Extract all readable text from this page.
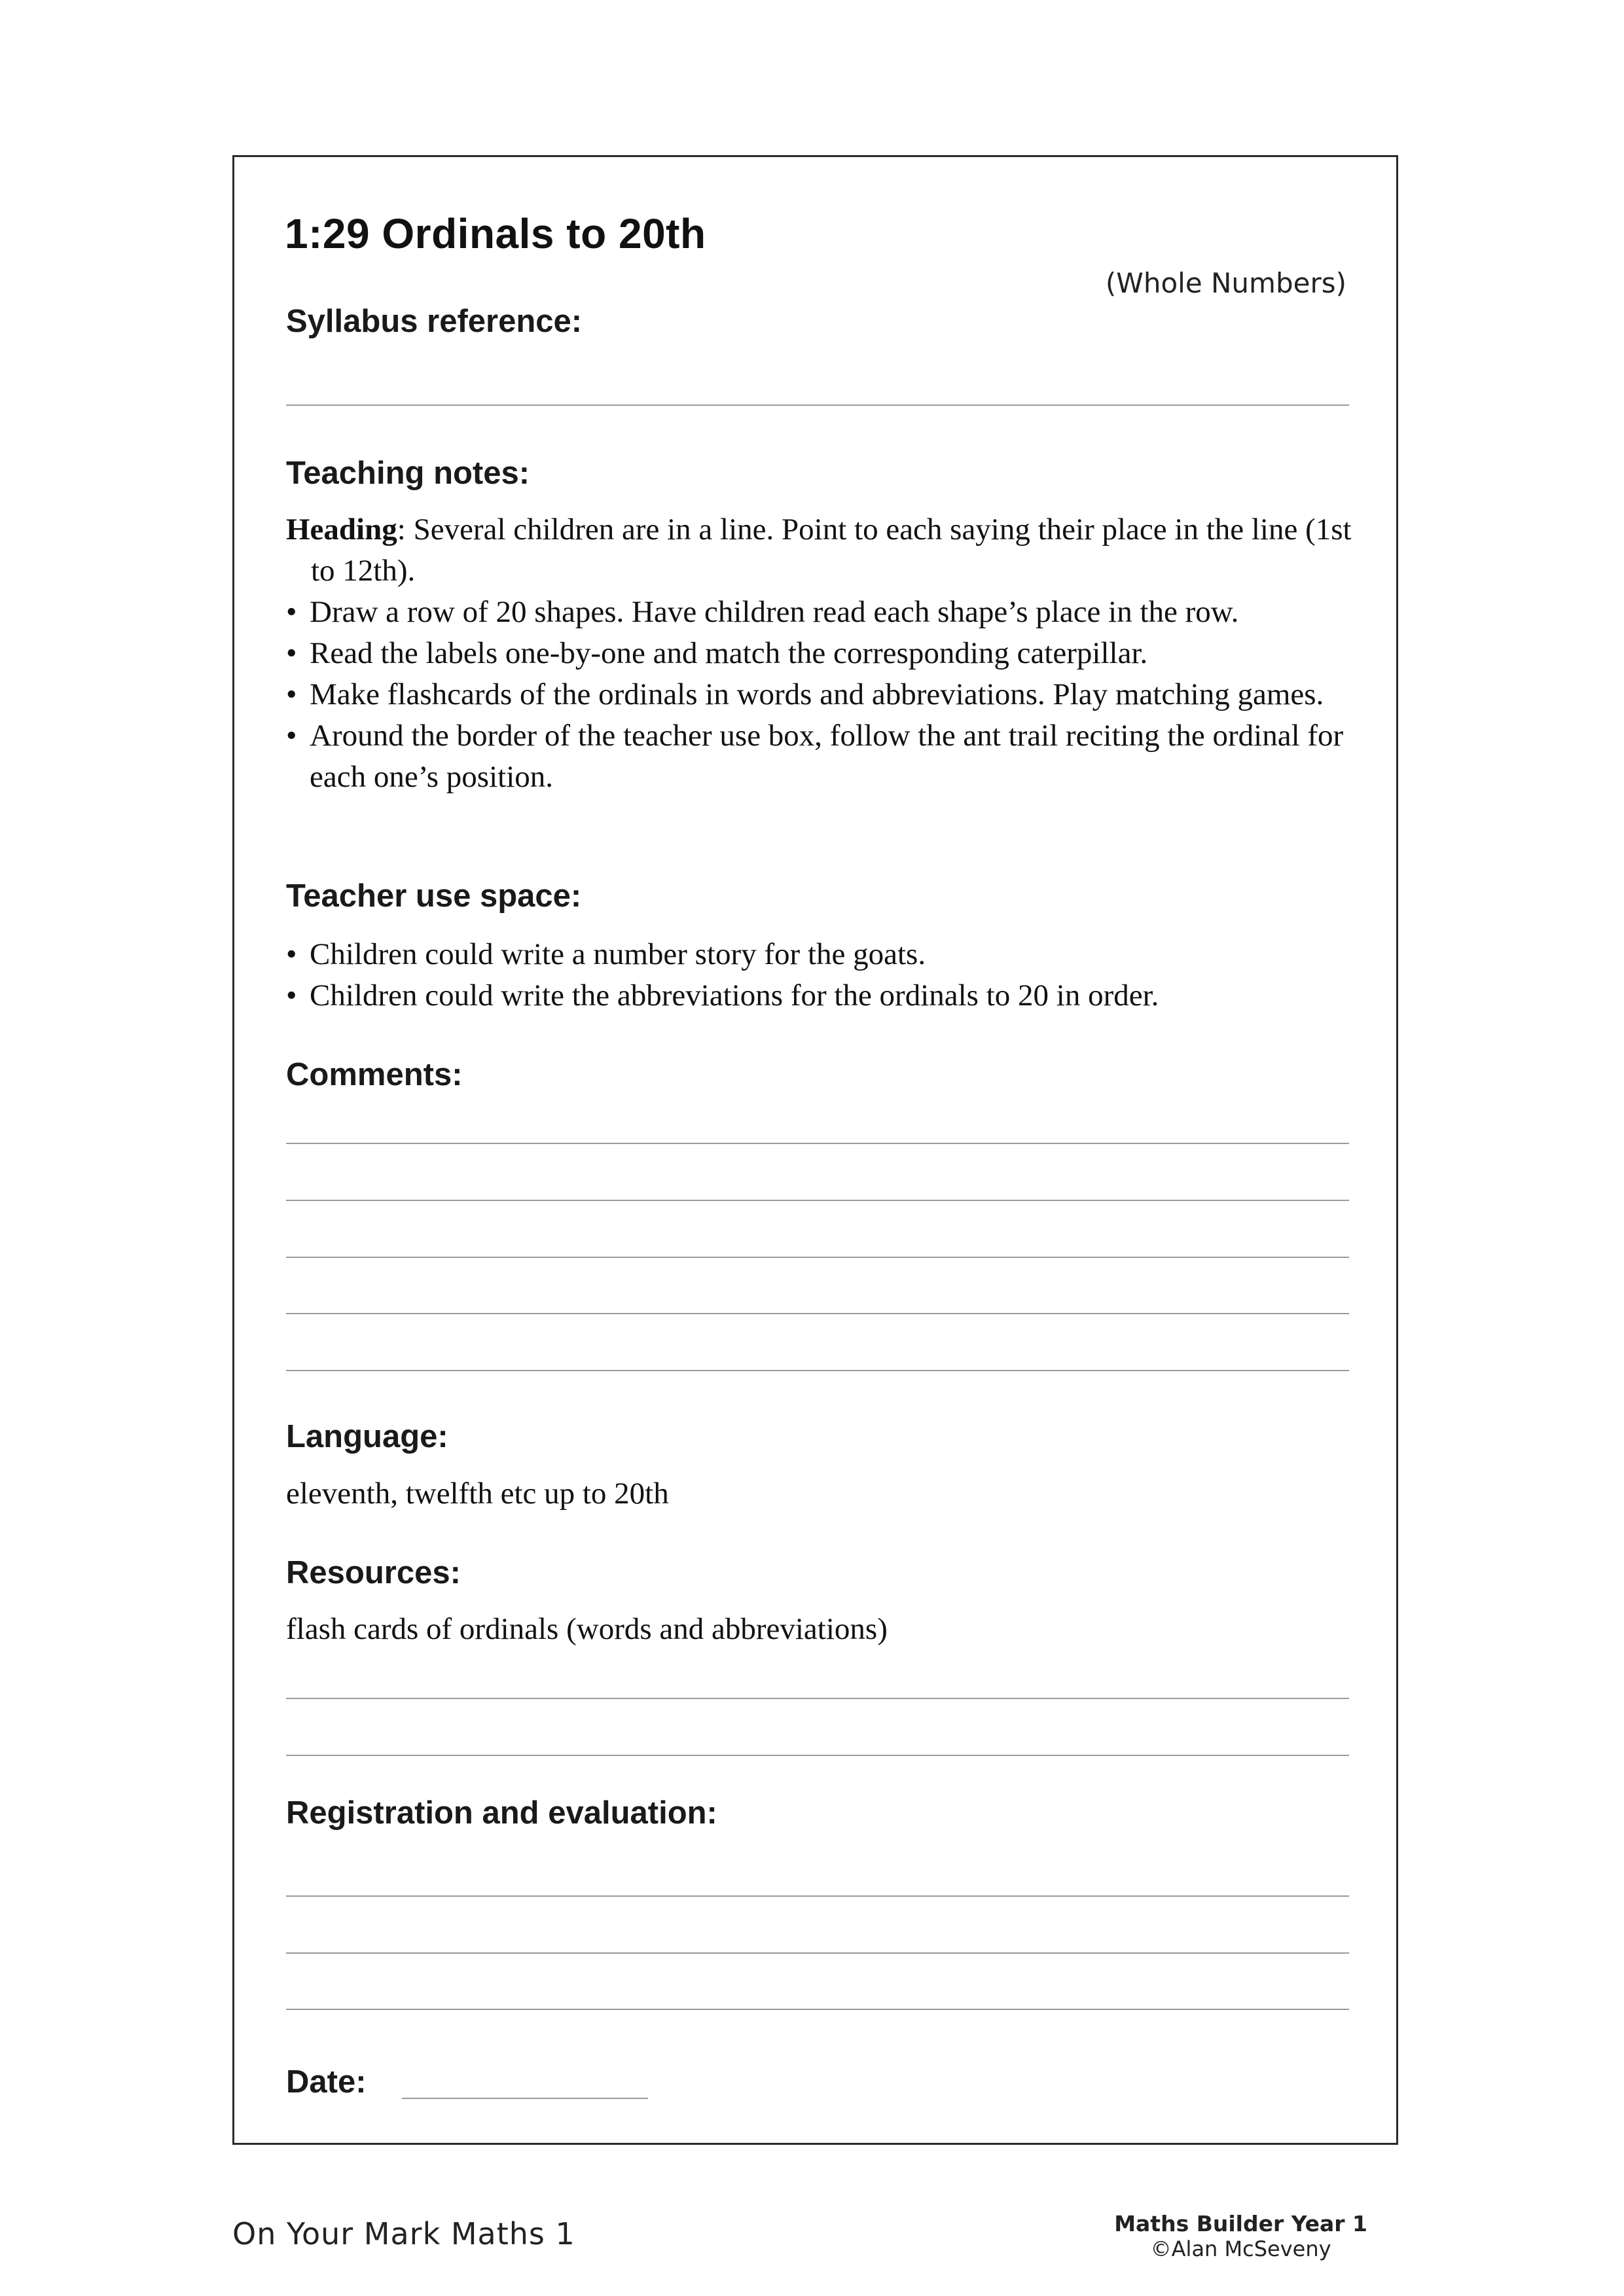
1:29 Ordinals to 20th
(Whole Numbers)
Syllabus reference:
Teaching notes:

Heading: Several children are in a line. Point to each saying their place in the line (1st to 12th).

• Draw a row of 20 shapes. Have children read each shape’s place in the row.

• Read the labels one-by-one and match the corresponding caterpillar.

• Make flashcards of the ordinals in words and abbreviations. Play matching games.

• Around the border of the teacher use box, follow the ant trail reciting the ordinal for each one’s position.

Teacher use space:

• Children could write a number story for the goats.

• Children could write the abbreviations for the ordinals to 20 in order.

Comments:
Language:
eleventh, twelfth etc up to 20th
Resources:
flash cards of ordinals (words and abbreviations)
Registration and evaluation:
Date:
On Your Mark Maths 1	Maths Builder Year 1
©Alan McSeveny
